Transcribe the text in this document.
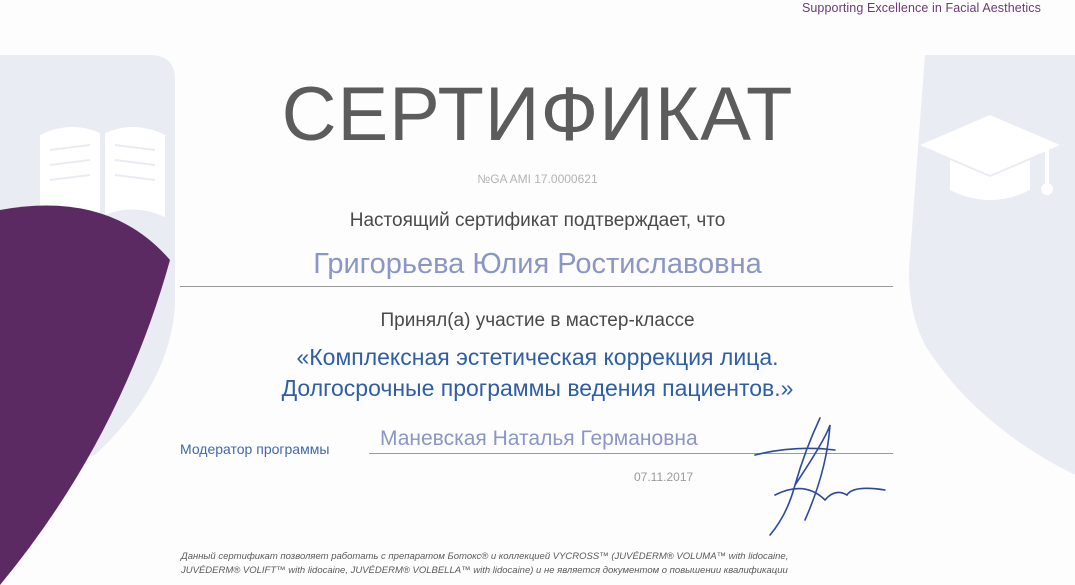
Supporting Excellence in Facial Aesthetics
СЕРТИФИКАТ
№GA AMI 17.0000621
Настоящий сертификат подтверждает, что
Григорьева Юлия Ростиславовна
Принял(а) участие в мастер-классе
«Комплексная эстетическая коррекция лица.
Долгосрочные программы ведения пациентов.»
Модератор программы Маневская Наталья Германовна
07.11.2017
Данный сертификат позволяет работать с препаратом Ботокс® и коллекцией VYCROSS™ (JUVÉDERM® VOLUMA™ with lidocaine,
JUVÉDERM® VOLIFT™ with lidocaine, JUVÉDERM® VOLBELLA™ with lidocaine) и не является документом о повышении квалификации
